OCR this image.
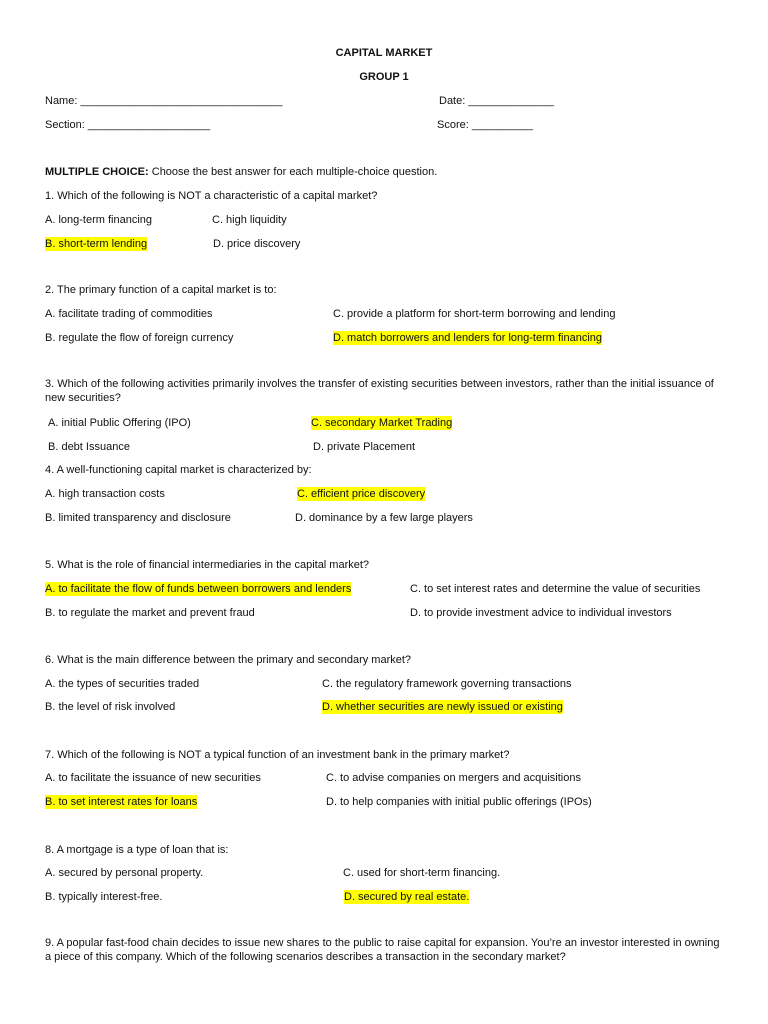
CAPITAL MARKET
GROUP 1
Name: _________________________________	Date: ______________
Section: ____________________	Score: __________
MULTIPLE CHOICE: Choose the best answer for each multiple-choice question.
1. Which of the following is NOT a characteristic of a capital market?
A. long-term financing	C. high liquidity
B. short-term lending	D. price discovery
2. The primary function of a capital market is to:
A. facilitate trading of commodities	C. provide a platform for short-term borrowing and lending
B. regulate the flow of foreign currency	D. match borrowers and lenders for long-term financing
3. Which of the following activities primarily involves the transfer of existing securities between investors, rather than the initial issuance of new securities?
A. initial Public Offering (IPO)	C. secondary Market Trading
B. debt Issuance	D. private Placement
4. A well-functioning capital market is characterized by:
A. high transaction costs	C. efficient price discovery
B. limited transparency and disclosure	D. dominance by a few large players
5. What is the role of financial intermediaries in the capital market?
A. to facilitate the flow of funds between borrowers and lenders	C. to set interest rates and determine the value of securities
B. to regulate the market and prevent fraud	D. to provide investment advice to individual investors
6. What is the main difference between the primary and secondary market?
A. the types of securities traded	C. the regulatory framework governing transactions
B. the level of risk involved	D. whether securities are newly issued or existing
7. Which of the following is NOT a typical function of an investment bank in the primary market?
A. to facilitate the issuance of new securities	C. to advise companies on mergers and acquisitions
B. to set interest rates for loans	D. to help companies with initial public offerings (IPOs)
8. A mortgage is a type of loan that is:
A. secured by personal property.	C. used for short-term financing.
B. typically interest-free.	D. secured by real estate.
9. A popular fast-food chain decides to issue new shares to the public to raise capital for expansion. You’re an investor interested in owning a piece of this company. Which of the following scenarios describes a transaction in the secondary market?
